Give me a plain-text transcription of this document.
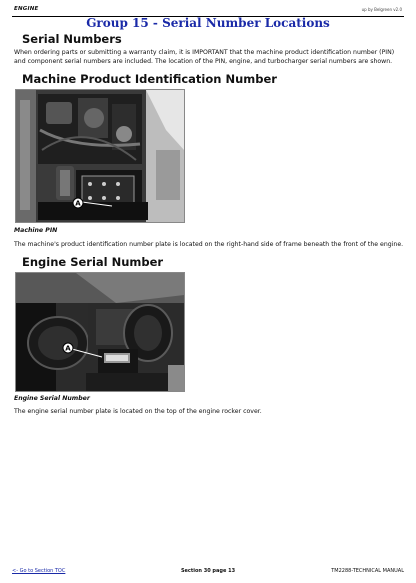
ENGINE	up by Belgreen v2.0
Group 15 - Serial Number Locations
Serial Numbers
When ordering parts or submitting a warranty claim, it is IMPORTANT that the machine product identification number (PIN) and component serial numbers are included. The location of the PIN, engine, and turbocharger serial numbers are shown.
Machine Product Identification Number
A
Machine PIN
The machine's product identification number plate is located on the right-hand side of frame beneath the front of the engine.
Engine Serial Number
A
Engine Serial Number
The engine serial number plate is located on the top of the engine rocker cover.
<- Go to Section TOC	Section 30 page 13	TM2288-TECHNICAL MANUAL
